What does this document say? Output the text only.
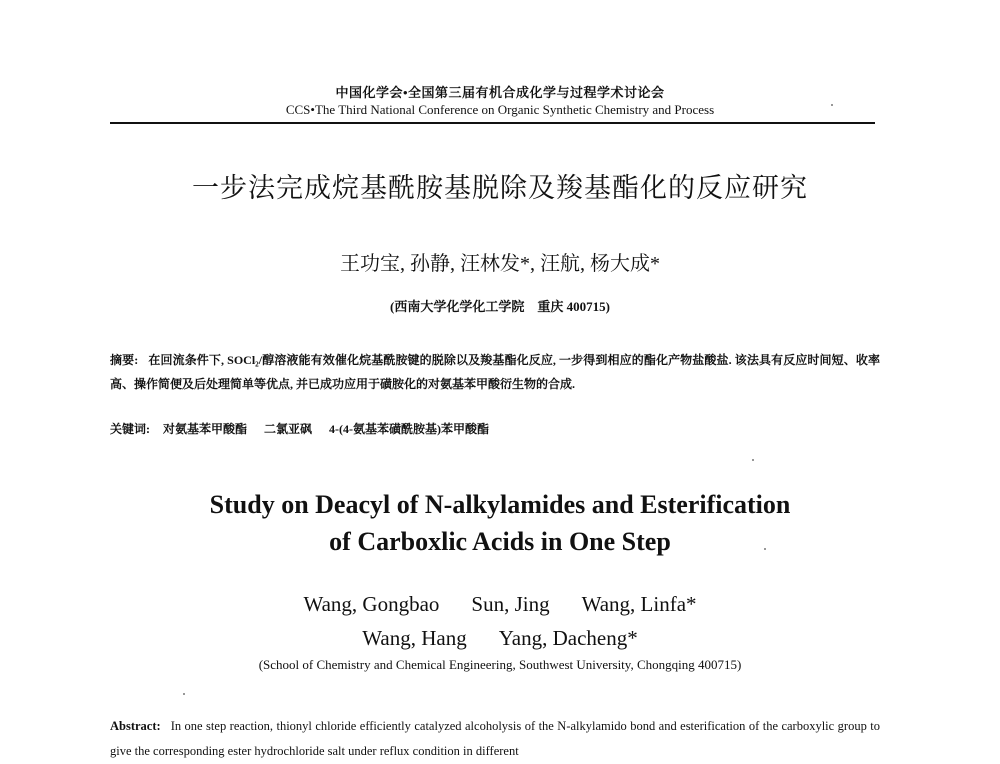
中国化学会•全国第三届有机合成化学与过程学术讨论会
CCS•The Third National Conference on Organic Synthetic Chemistry and Process
一步法完成烷基酰胺基脱除及羧基酯化的反应研究
王功宝, 孙静, 汪林发*, 汪航, 杨大成*
(西南大学化学化工学院　重庆 400715)
摘要: 在回流条件下, SOCl₂/醇溶液能有效催化烷基酰胺键的脱除以及羧基酯化反应, 一步得到相应的酯化产物盐酸盐. 该法具有反应时间短、收率高、操作简便及后处理简单等优点, 并已成功应用于磺胺化的对氨基苯甲酸衍生物的合成.
关键词: 对氨基苯甲酸酯 二氯亚砜 4-(4-氨基苯磺酰胺基)苯甲酸酯
Study on Deacyl of N-alkylamides and Esterification
of Carboxlic Acids in One Step
Wang, Gongbao Sun, Jing Wang, Linfa*
Wang, Hang Yang, Dacheng*
(School of Chemistry and Chemical Engineering, Southwest University, Chongqing 400715)
Abstract: In one step reaction, thionyl chloride efficiently catalyzed alcoholysis of the N-alkylamido bond and esterification of the carboxylic group to give the corresponding ester hydrochloride salt under reflux condition in different
